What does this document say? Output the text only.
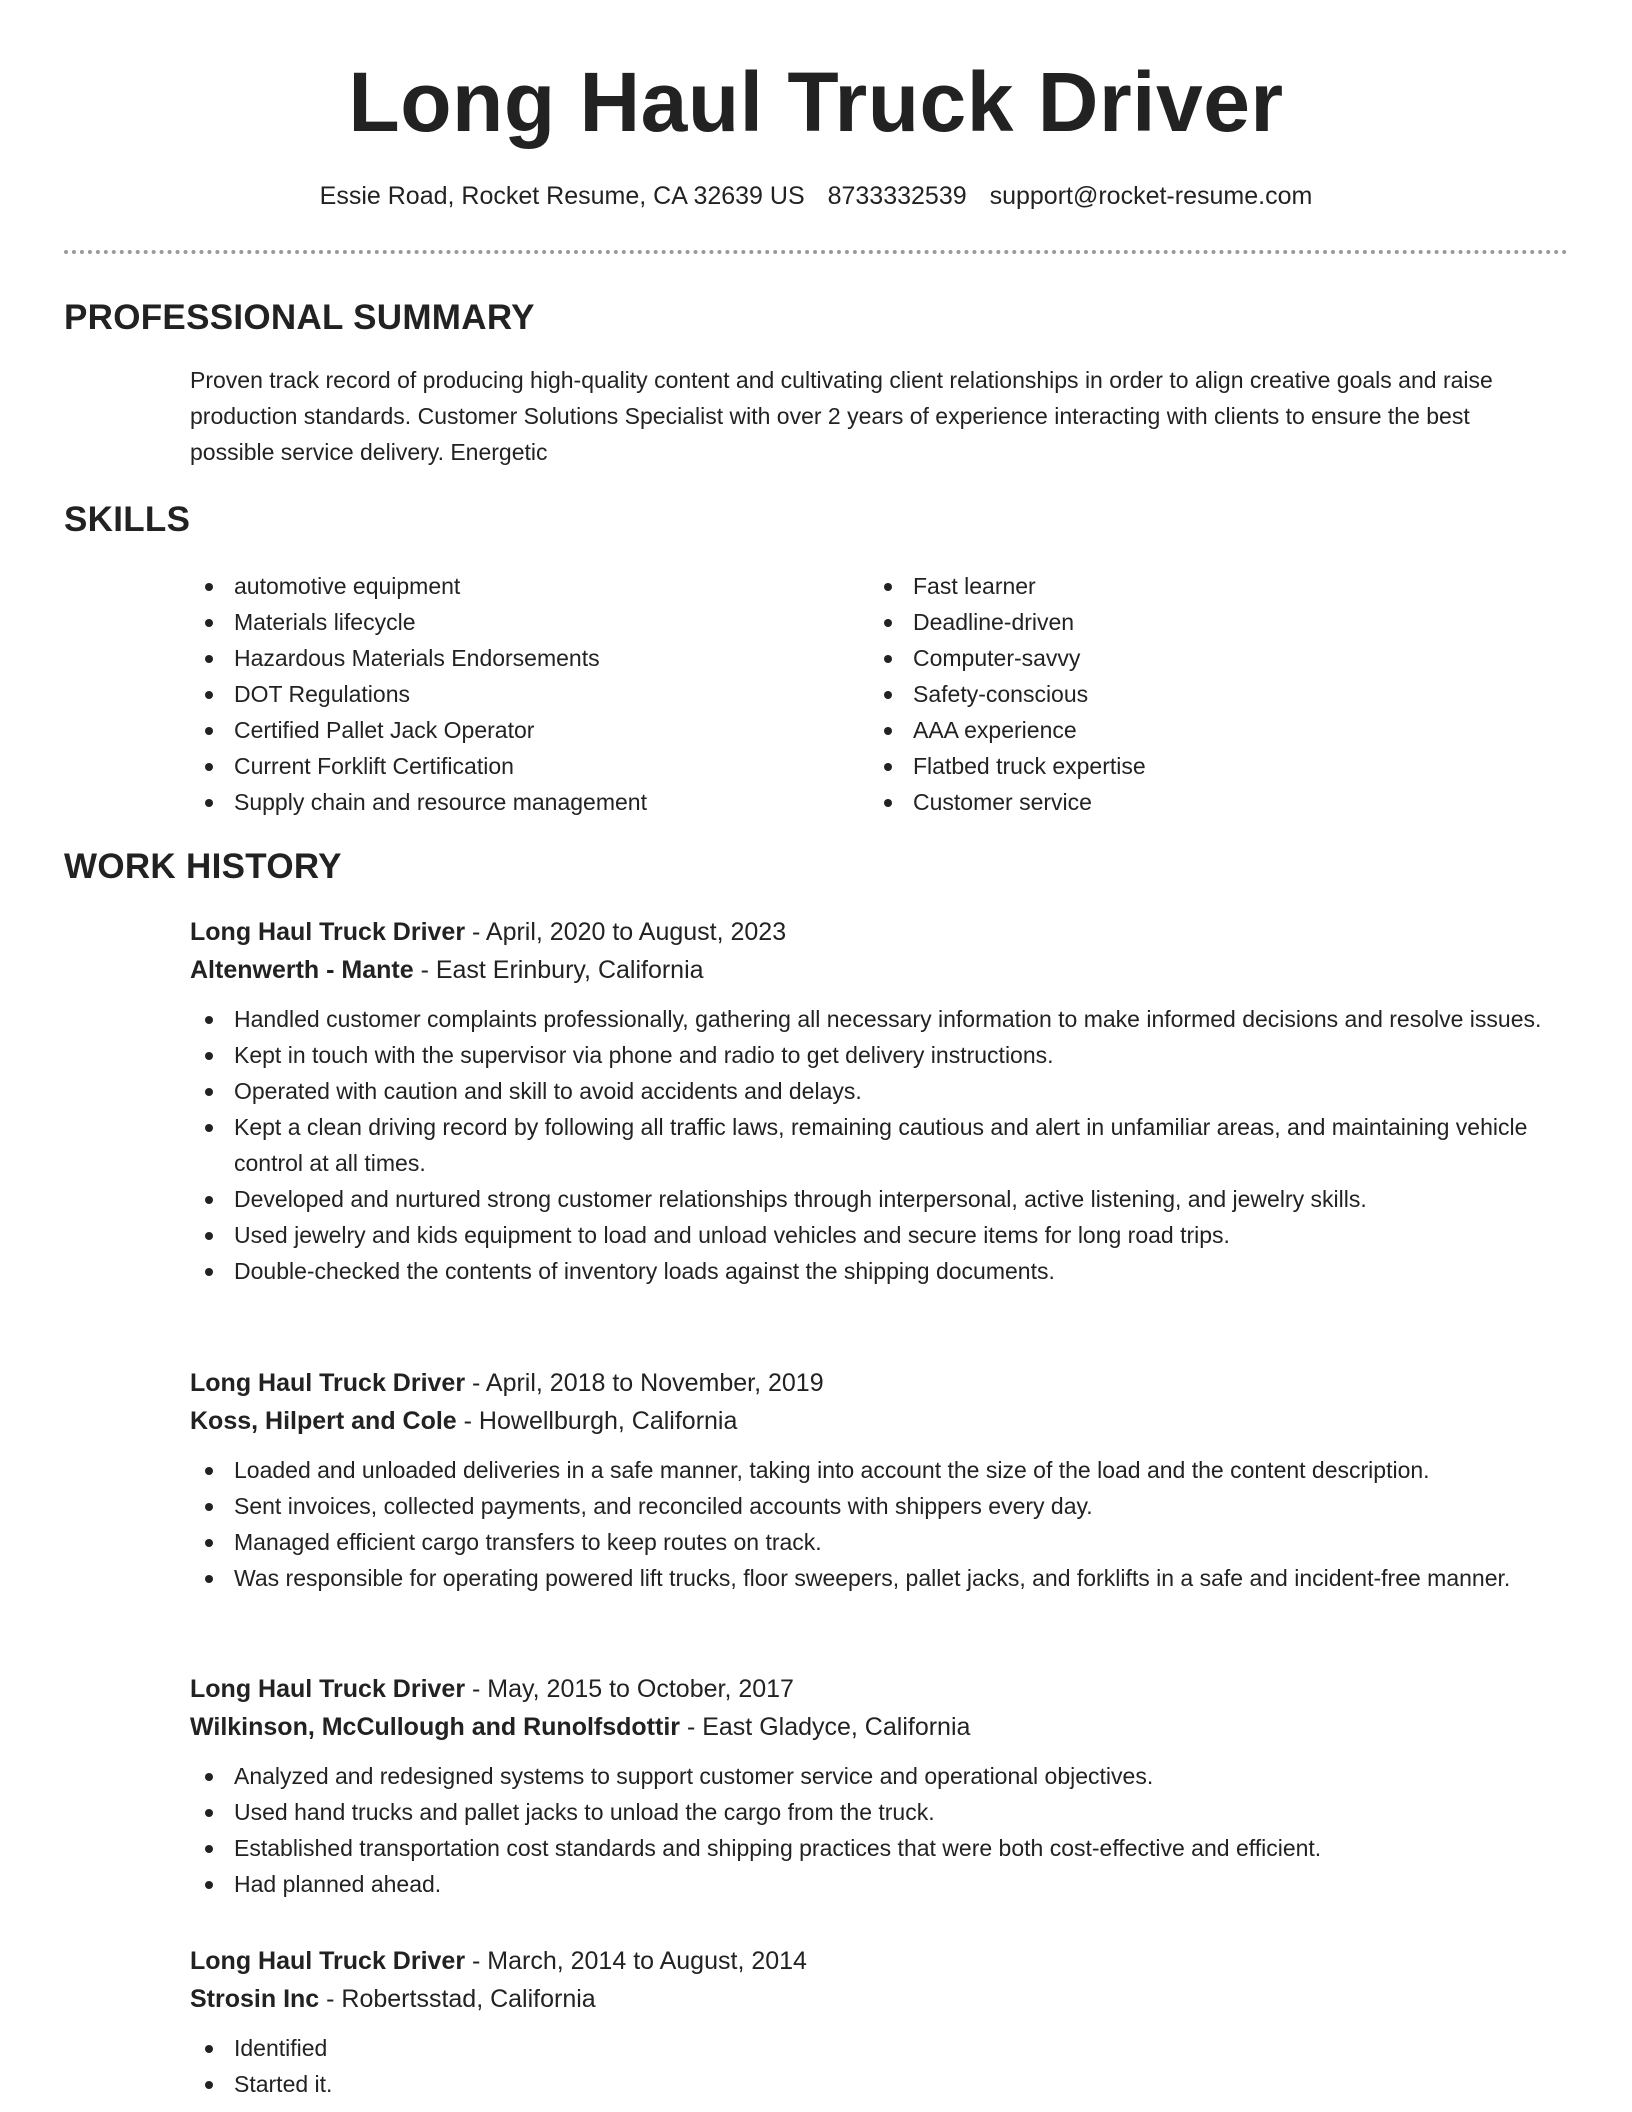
Long Haul Truck Driver
Essie Road, Rocket Resume, CA 32639 US 8733332539 support@rocket-resume.com
PROFESSIONAL SUMMARY

Proven track record of producing high-quality content and cultivating client relationships in order to align creative goals and raise production standards. Customer Solutions Specialist with over 2 years of experience interacting with clients to ensure the best possible service delivery. Energetic

SKILLS
automotive equipment
Materials lifecycle
Hazardous Materials Endorsements
DOT Regulations
Certified Pallet Jack Operator
Current Forklift Certification
Supply chain and resource management
Fast learner
Deadline-driven
Computer-savvy
Safety-conscious
AAA experience
Flatbed truck expertise
Customer service
WORK HISTORY
Long Haul Truck Driver - April, 2020 to August, 2023
Altenwerth - Mante - East Erinbury, California
Handled customer complaints professionally, gathering all necessary information to make informed decisions and resolve issues.
Kept in touch with the supervisor via phone and radio to get delivery instructions.
Operated with caution and skill to avoid accidents and delays.
Kept a clean driving record by following all traffic laws, remaining cautious and alert in unfamiliar areas, and maintaining vehicle control at all times.
Developed and nurtured strong customer relationships through interpersonal, active listening, and jewelry skills.
Used jewelry and kids equipment to load and unload vehicles and secure items for long road trips.
Double-checked the contents of inventory loads against the shipping documents.
Long Haul Truck Driver - April, 2018 to November, 2019
Koss, Hilpert and Cole - Howellburgh, California
Loaded and unloaded deliveries in a safe manner, taking into account the size of the load and the content description.
Sent invoices, collected payments, and reconciled accounts with shippers every day.
Managed efficient cargo transfers to keep routes on track.
Was responsible for operating powered lift trucks, floor sweepers, pallet jacks, and forklifts in a safe and incident-free manner.
Long Haul Truck Driver - May, 2015 to October, 2017
Wilkinson, McCullough and Runolfsdottir - East Gladyce, California
Analyzed and redesigned systems to support customer service and operational objectives.
Used hand trucks and pallet jacks to unload the cargo from the truck.
Established transportation cost standards and shipping practices that were both cost-effective and efficient.
Had planned ahead.
Long Haul Truck Driver - March, 2014 to August, 2014
Strosin Inc - Robertsstad, California
Identified
Started it.
